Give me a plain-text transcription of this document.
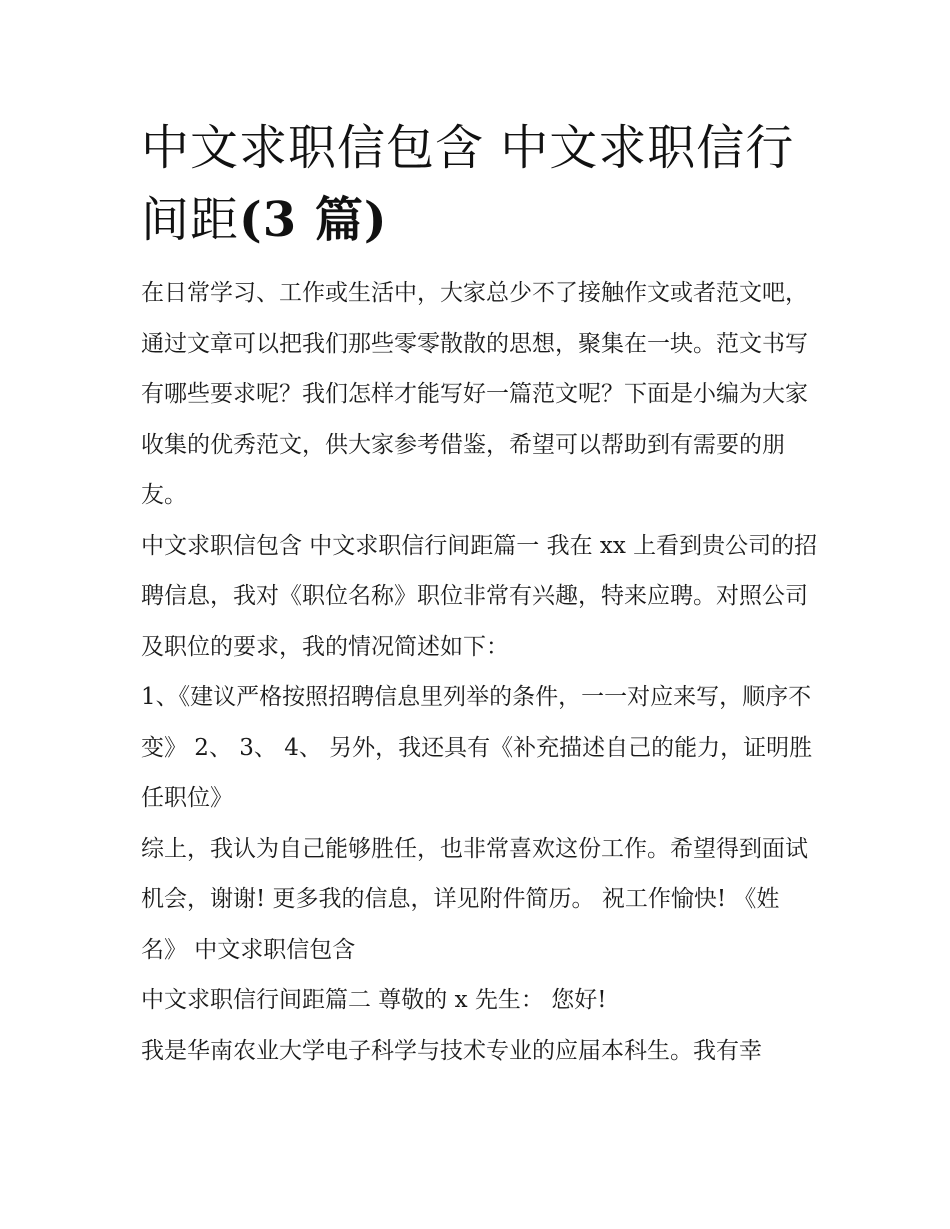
中文求职信包含 中文求职信行间距(3 篇)

在日常学习、工作或生活中，大家总少不了接触作文或者范文吧，通过文章可以把我们那些零零散散的思想，聚集在一块。范文书写有哪些要求呢？我们怎样才能写好一篇范文呢？下面是小编为大家收集的优秀范文，供大家参考借鉴，希望可以帮助到有需要的朋友。

中文求职信包含 中文求职信行间距篇一 我在 xx 上看到贵公司的招聘信息，我对《职位名称》职位非常有兴趣，特来应聘。对照公司及职位的要求，我的情况简述如下：

1、《建议严格按照招聘信息里列举的条件，一一对应来写，顺序不变》 2、 3、 4、 另外，我还具有《补充描述自己的能力，证明胜任职位》

综上，我认为自己能够胜任，也非常喜欢这份工作。希望得到面试机会，谢谢! 更多我的信息，详见附件简历。 祝工作愉快! 《姓名》 中文求职信包含

中文求职信行间距篇二 尊敬的 x 先生： 您好!

我是华南农业大学电子科学与技术专业的应届本科生。我有幸
